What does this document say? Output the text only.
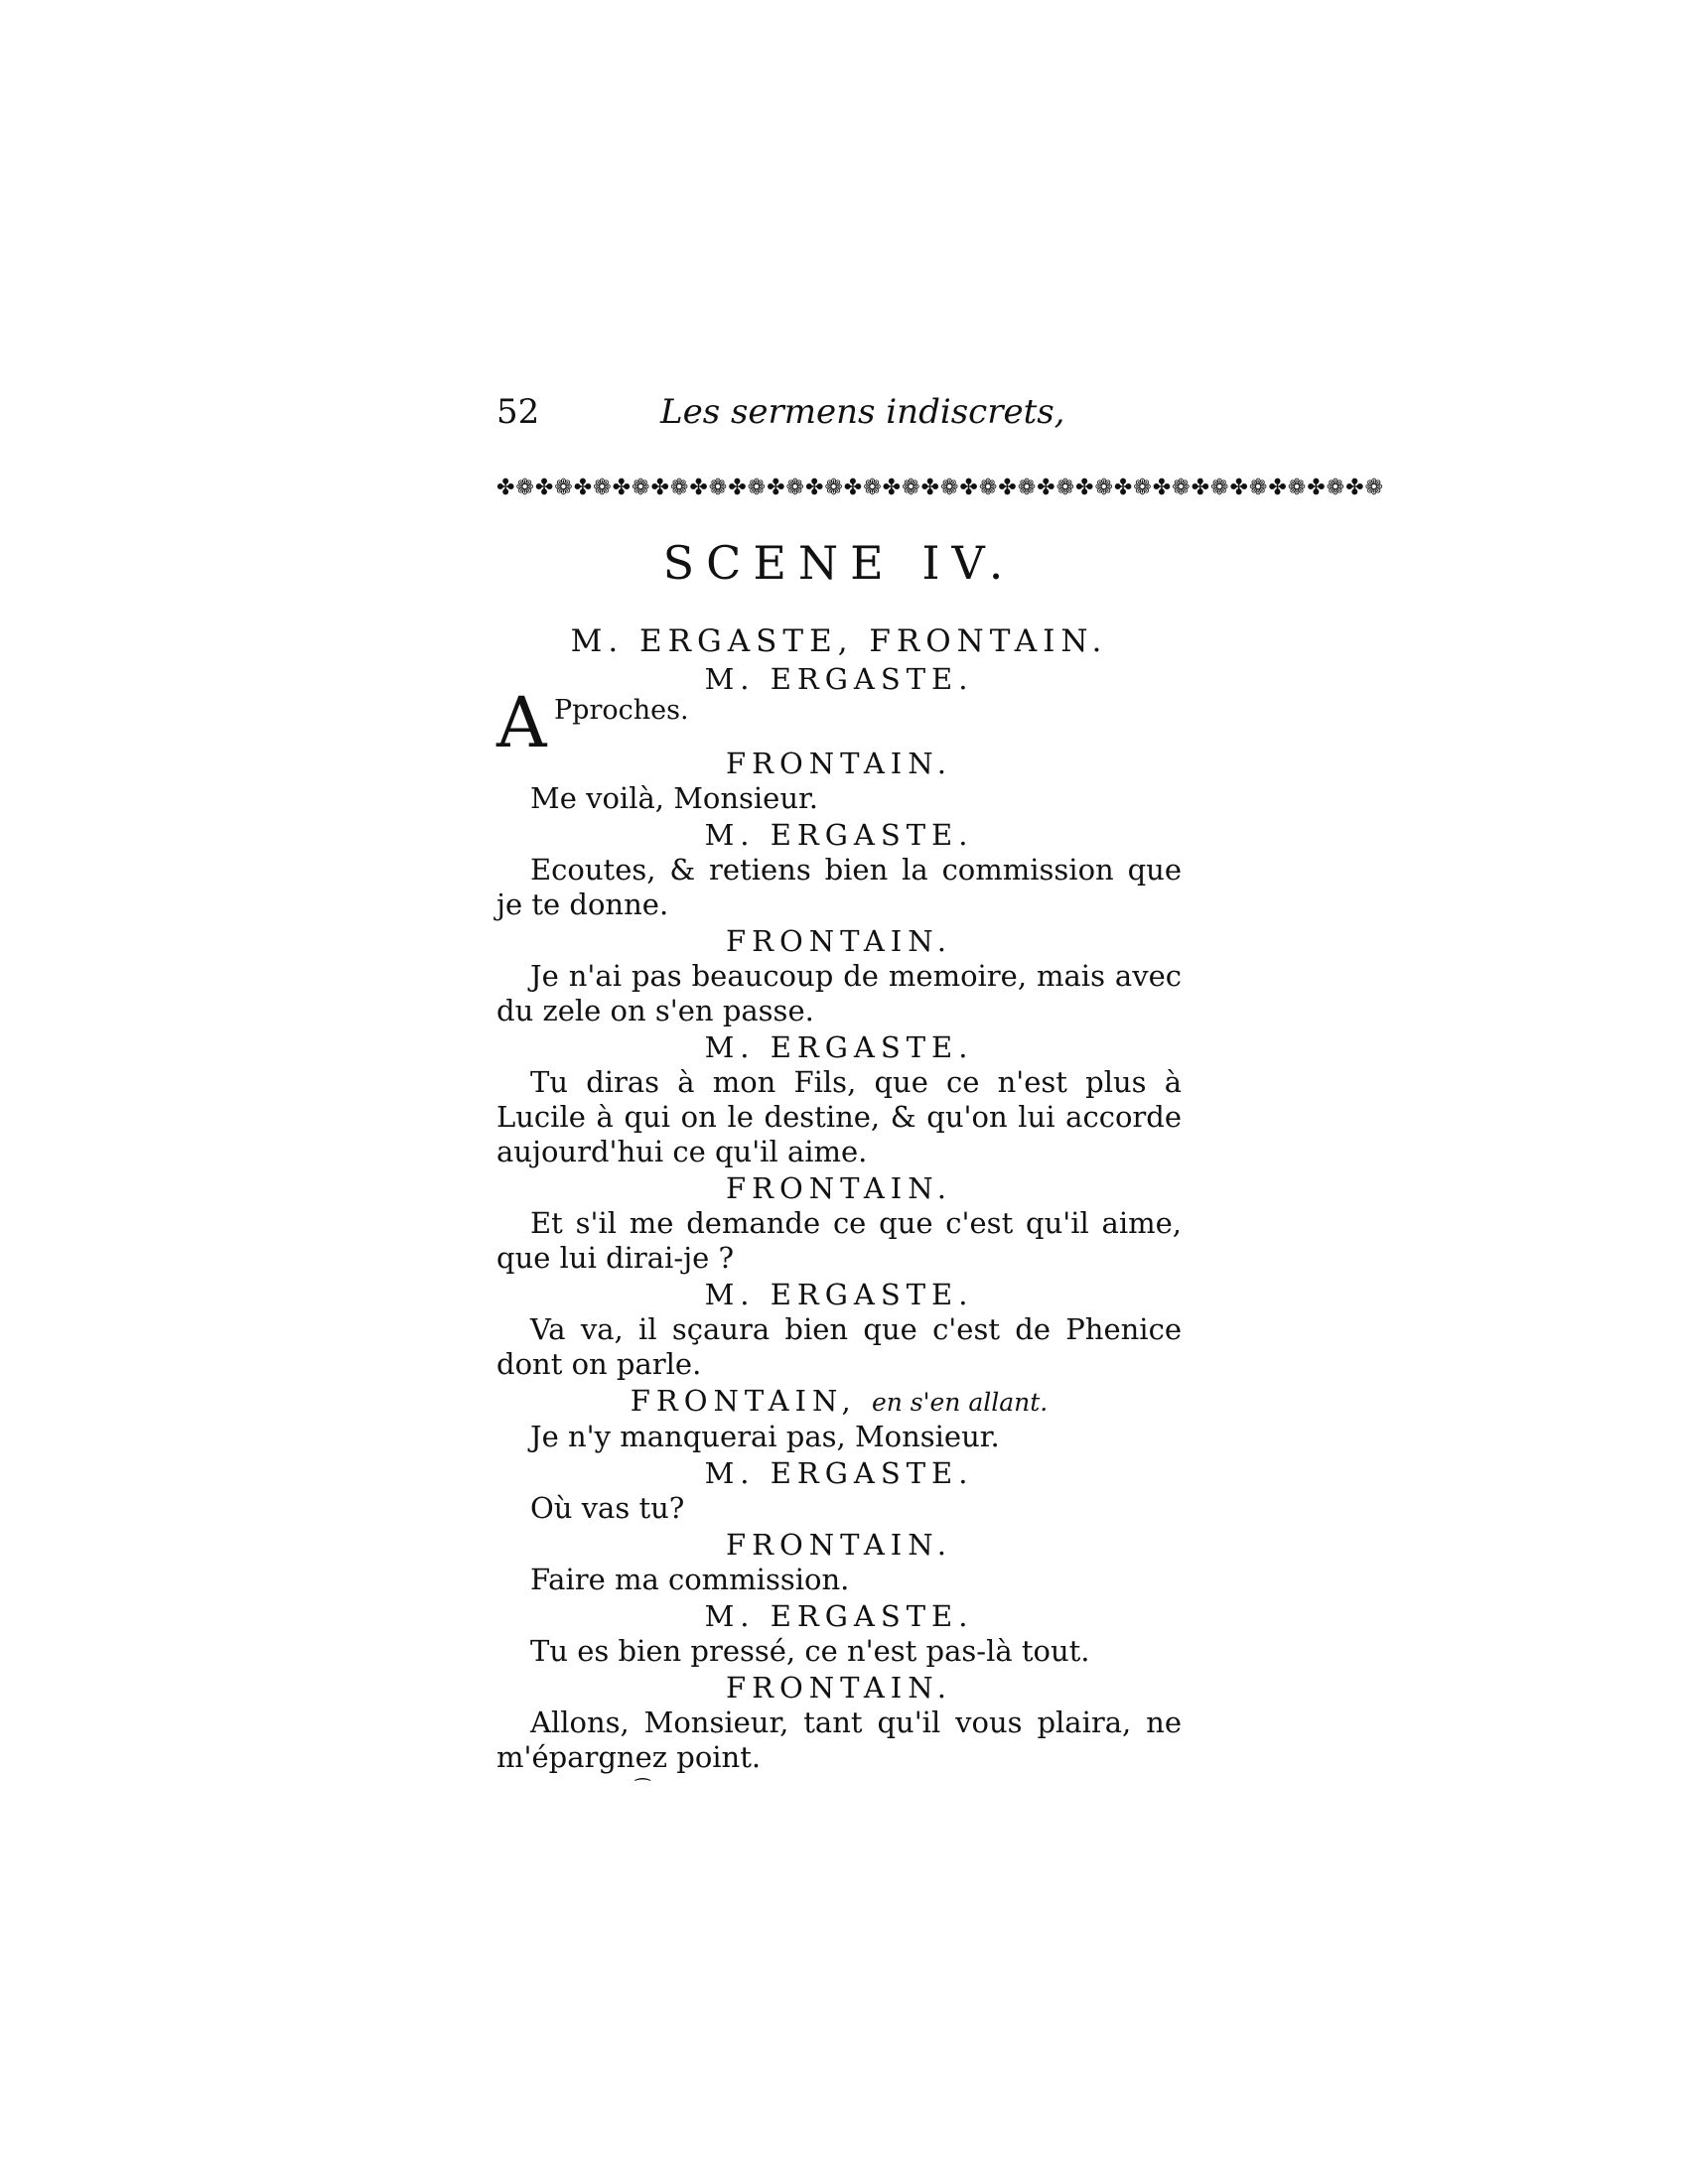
52	Les sermens indiscrets,
✤❁✤❁✤❁✤❁✤❁✤❁✤❁✤❁✤❁✤❁✤❁✤❁✤❁✤❁✤❁✤❁✤❁✤❁✤❁✤❁✤❁✤❁✤❁
SCENE IV.
M. ERGASTE, FRONTAIN.
M. ERGASTE.
A Pproches.
FRONTAIN.

Me voilà, Monsieur.

M. ERGASTE.

Ecoutes, & retiens bien la commission que je te donne.

FRONTAIN.

Je n'ai pas beaucoup de memoire, mais avec du zele on s'en passe.

M. ERGASTE.

Tu diras à mon Fils, que ce n'est plus à Lucile à qui on le destine, & qu'on lui accorde aujourd'hui ce qu'il aime.

FRONTAIN.

Et s'il me demande ce que c'est qu'il aime, que lui dirai-je ?

M. ERGASTE.

Va va, il sçaura bien que c'est de Phenice dont on parle.

FRONTAIN, en s'en allant.

Je n'y manquerai pas, Monsieur.

M. ERGASTE.

Où vas tu?

FRONTAIN.

Faire ma commission.

M. ERGASTE.

Tu es bien pressé, ce n'est pas-là tout.

FRONTAIN.

Allons, Monsieur, tant qu'il vous plaira, ne m'épargnez point.

⁀
